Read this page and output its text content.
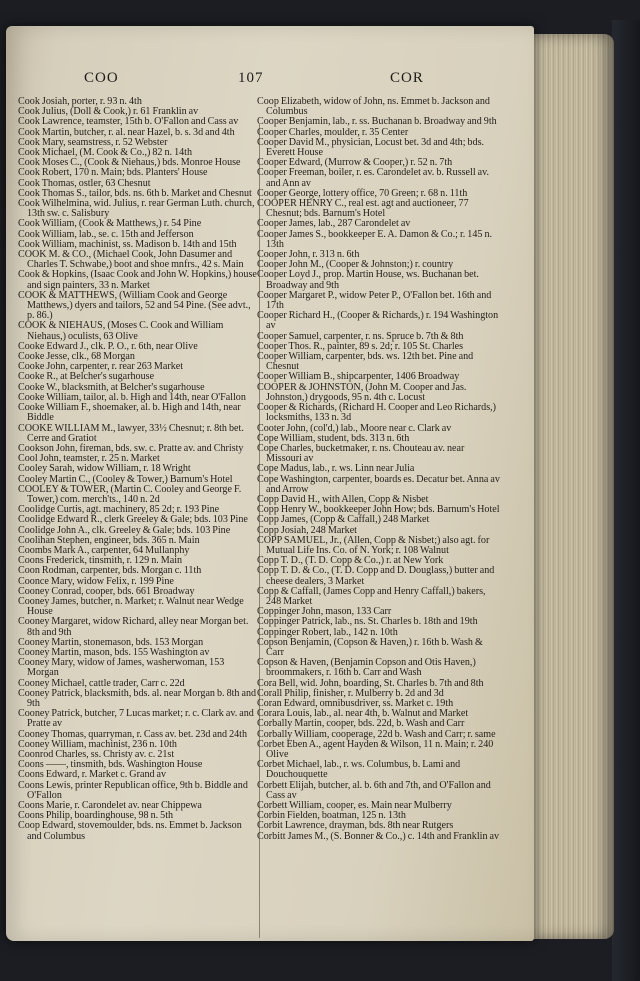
COO	107	COR
Cook Josiah, porter, r. 93 n. 4th
Cook Julius, (Doll & Cook,) r. 61 Franklin av
Cook Lawrence, teamster, 15th b. O'Fallon and Cass av
Cook Martin, butcher, r. al. near Hazel, b. s. 3d and 4th
Cook Mary, seamstress, r. 52 Webster
Cook Michael, (M. Cook & Co.,) 82 n. 14th
Cook Moses C., (Cook & Niehaus,) bds. Monroe House
Cook Robert, 170 n. Main; bds. Planters' House
Cook Thomas, ostler, 63 Chesnut
Cook Thomas S., tailor, bds. ns. 6th b. Market and Chesnut
Cook Wilhelmina, wid. Julius, r. rear German Luth. church, 13th sw. c. Salisbury
Cook William, (Cook & Matthews,) r. 54 Pine
Cook William, lab., se. c. 15th and Jefferson
Cook William, machinist, ss. Madison b. 14th and 15th
COOK M. & CO., (Michael Cook, John Dasumer and Charles T. Schwabe,) boot and shoe mnfrs., 42 s. Main
Cook & Hopkins, (Isaac Cook and John W. Hopkins,) house and sign painters, 33 n. Market
COOK & MATTHEWS, (William Cook and George Matthews,) dyers and tailors, 52 and 54 Pine. (See advt., p. 86.)
COOK & NIEHAUS, (Moses C. Cook and William Niehaus,) oculists, 63 Olive
Cooke Edward J., clk. P. O., r. 6th, near Olive
Cooke Jesse, clk., 68 Morgan
Cooke John, carpenter, r. rear 263 Market
Cooke R., at Belcher's sugarhouse
Cooke W., blacksmith, at Belcher's sugarhouse
Cooke William, tailor, al. b. High and 14th, near O'Fallon
Cooke William F., shoemaker, al. b. High and 14th, near Biddle
COOKE WILLIAM M., lawyer, 33½ Chesnut; r. 8th bet. Cerre and Gratiot
Cookson John, fireman, bds. sw. c. Pratte av. and Christy
Cool John, teamster, r. 25 n. Market
Cooley Sarah, widow William, r. 18 Wright
Cooley Martin C., (Cooley & Tower,) Barnum's Hotel
COOLEY & TOWER, (Martin C. Cooley and George F. Tower,) com. merch'ts., 140 n. 2d
Coolidge Curtis, agt. machinery, 85 2d; r. 193 Pine
Coolidge Edward R., clerk Greeley & Gale; bds. 103 Pine
Coolidge John A., clk. Greeley & Gale; bds. 103 Pine
Coolihan Stephen, engineer, bds. 365 n. Main
Coombs Mark A., carpenter, 64 Mullanphy
Coons Frederick, tinsmith, r. 129 n. Main
Coon Rodman, carpenter, bds. Morgan c. 11th
Coonce Mary, widow Felix, r. 199 Pine
Cooney Conrad, cooper, bds. 661 Broadway
Cooney James, butcher, n. Market; r. Walnut near Wedge House
Cooney Margaret, widow Richard, alley near Morgan bet. 8th and 9th
Cooney Martin, stonemason, bds. 153 Morgan
Cooney Martin, mason, bds. 155 Washington av
Cooney Mary, widow of James, washerwoman, 153 Morgan
Cooney Michael, cattle trader, Carr c. 22d
Cooney Patrick, blacksmith, bds. al. near Morgan b. 8th and 9th
Cooney Patrick, butcher, 7 Lucas market; r. c. Clark av. and Pratte av
Cooney Thomas, quarryman, r. Cass av. bet. 23d and 24th
Cooney William, machinist, 236 n. 10th
Coonrod Charles, ss. Christy av. c. 21st
Coons ——, tinsmith, bds. Washington House
Coons Edward, r. Market c. Grand av
Coons Lewis, printer Republican office, 9th b. Biddle and O'Fallon
Coons Marie, r. Carondelet av. near Chippewa
Coons Philip, boardinghouse, 98 n. 5th
Coop Edward, stovemoulder, bds. ns. Emmet b. Jackson and Columbus
Coop Elizabeth, widow of John, ns. Emmet b. Jackson and Columbus
Cooper Benjamin, lab., r. ss. Buchanan b. Broadway and 9th
Cooper Charles, moulder, r. 35 Center
Cooper David M., physician, Locust bet. 3d and 4th; bds. Everett House
Cooper Edward, (Murrow & Cooper,) r. 52 n. 7th
Cooper Freeman, boiler, r. es. Carondelet av. b. Russell av. and Ann av
Cooper George, lottery office, 70 Green; r. 68 n. 11th
COOPER HENRY C., real est. agt and auctioneer, 77 Chesnut; bds. Barnum's Hotel
Cooper James, lab., 287 Carondelet av
Cooper James S., bookkeeper E. A. Damon & Co.; r. 145 n. 13th
Cooper John, r. 313 n. 6th
Cooper John M., (Cooper & Johnston;) r. country
Cooper Loyd J., prop. Martin House, ws. Buchanan bet. Broadway and 9th
Cooper Margaret P., widow Peter P., O'Fallon bet. 16th and 17th
Cooper Richard H., (Cooper & Richards,) r. 194 Washington av
Cooper Samuel, carpenter, r. ns. Spruce b. 7th & 8th
Cooper Thos. R., painter, 89 s. 2d; r. 105 St. Charles
Cooper William, carpenter, bds. ws. 12th bet. Pine and Chesnut
Cooper William B., shipcarpenter, 1406 Broadway
COOPER & JOHNSTON, (John M. Cooper and Jas. Johnston,) drygoods, 95 n. 4th c. Locust
Cooper & Richards, (Richard H. Cooper and Leo Richards,) locksmiths, 133 n. 3d
Cooter John, (col'd,) lab., Moore near c. Clark av
Cope William, student, bds. 313 n. 6th
Cope Charles, bucketmaker, r. ns. Chouteau av. near Missouri av
Cope Madus, lab., r. ws. Linn near Julia
Cope Washington, carpenter, boards es. Decatur bet. Anna av and Arrow
Copp David H., with Allen, Copp & Nisbet
Copp Henry W., bookkeeper John How; bds. Barnum's Hotel
Copp James, (Copp & Caffall,) 248 Market
Copp Josiah, 248 Market
COPP SAMUEL, Jr., (Allen, Copp & Nisbet;) also agt. for Mutual Life Ins. Co. of N. York; r. 108 Walnut
Copp T. D., (T. D. Copp & Co.,) r. at New York
Copp T. D. & Co., (T. D. Copp and D. Douglass,) butter and cheese dealers, 3 Market
Copp & Caffall, (James Copp and Henry Caffall,) bakers, 248 Market
Coppinger John, mason, 133 Carr
Coppinger Patrick, lab., ns. St. Charles b. 18th and 19th
Coppinger Robert, lab., 142 n. 10th
Copson Benjamin, (Copson & Haven,) r. 16th b. Wash & Carr
Copson & Haven, (Benjamin Copson and Otis Haven,) broommakers, r. 16th b. Carr and Wash
Cora Bell, wid. John, boarding, St. Charles b. 7th and 8th
Corall Philip, finisher, r. Mulberry b. 2d and 3d
Coran Edward, omnibusdriver, ss. Market c. 19th
Corara Louis, lab., al. near 4th, b. Walnut and Market
Corbally Martin, cooper, bds. 22d, b. Wash and Carr
Corbally William, cooperage, 22d b. Wash and Carr; r. same
Corbet Eben A., agent Hayden & Wilson, 11 n. Main; r. 240 Olive
Corbet Michael, lab., r. ws. Columbus, b. Lami and Douchouquette
Corbett Elijah, butcher, al. b. 6th and 7th, and O'Fallon and Cass av
Corbett William, cooper, es. Main near Mulberry
Corbin Fielden, boatman, 125 n. 13th
Corbit Lawrence, drayman, bds. 8th near Rutgers
Corbitt James M., (S. Bonner & Co.,) c. 14th and Franklin av
